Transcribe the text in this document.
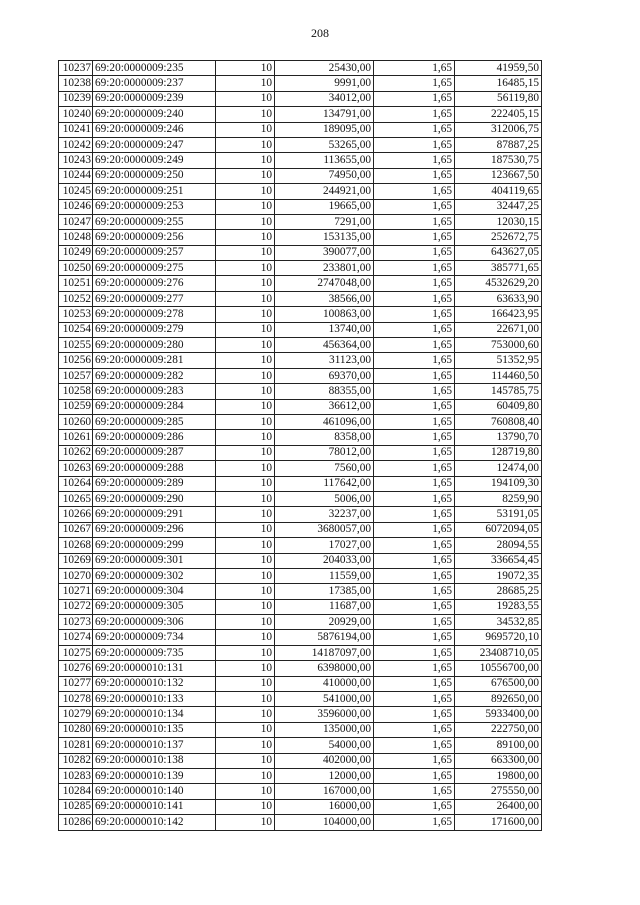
208
10237	69:20:0000009:235	10	25430,00	1,65	41959,50
10238	69:20:0000009:237	10	9991,00	1,65	16485,15
10239	69:20:0000009:239	10	34012,00	1,65	56119,80
10240	69:20:0000009:240	10	134791,00	1,65	222405,15
10241	69:20:0000009:246	10	189095,00	1,65	312006,75
10242	69:20:0000009:247	10	53265,00	1,65	87887,25
10243	69:20:0000009:249	10	113655,00	1,65	187530,75
10244	69:20:0000009:250	10	74950,00	1,65	123667,50
10245	69:20:0000009:251	10	244921,00	1,65	404119,65
10246	69:20:0000009:253	10	19665,00	1,65	32447,25
10247	69:20:0000009:255	10	7291,00	1,65	12030,15
10248	69:20:0000009:256	10	153135,00	1,65	252672,75
10249	69:20:0000009:257	10	390077,00	1,65	643627,05
10250	69:20:0000009:275	10	233801,00	1,65	385771,65
10251	69:20:0000009:276	10	2747048,00	1,65	4532629,20
10252	69:20:0000009:277	10	38566,00	1,65	63633,90
10253	69:20:0000009:278	10	100863,00	1,65	166423,95
10254	69:20:0000009:279	10	13740,00	1,65	22671,00
10255	69:20:0000009:280	10	456364,00	1,65	753000,60
10256	69:20:0000009:281	10	31123,00	1,65	51352,95
10257	69:20:0000009:282	10	69370,00	1,65	114460,50
10258	69:20:0000009:283	10	88355,00	1,65	145785,75
10259	69:20:0000009:284	10	36612,00	1,65	60409,80
10260	69:20:0000009:285	10	461096,00	1,65	760808,40
10261	69:20:0000009:286	10	8358,00	1,65	13790,70
10262	69:20:0000009:287	10	78012,00	1,65	128719,80
10263	69:20:0000009:288	10	7560,00	1,65	12474,00
10264	69:20:0000009:289	10	117642,00	1,65	194109,30
10265	69:20:0000009:290	10	5006,00	1,65	8259,90
10266	69:20:0000009:291	10	32237,00	1,65	53191,05
10267	69:20:0000009:296	10	3680057,00	1,65	6072094,05
10268	69:20:0000009:299	10	17027,00	1,65	28094,55
10269	69:20:0000009:301	10	204033,00	1,65	336654,45
10270	69:20:0000009:302	10	11559,00	1,65	19072,35
10271	69:20:0000009:304	10	17385,00	1,65	28685,25
10272	69:20:0000009:305	10	11687,00	1,65	19283,55
10273	69:20:0000009:306	10	20929,00	1,65	34532,85
10274	69:20:0000009:734	10	5876194,00	1,65	9695720,10
10275	69:20:0000009:735	10	14187097,00	1,65	23408710,05
10276	69:20:0000010:131	10	6398000,00	1,65	10556700,00
10277	69:20:0000010:132	10	410000,00	1,65	676500,00
10278	69:20:0000010:133	10	541000,00	1,65	892650,00
10279	69:20:0000010:134	10	3596000,00	1,65	5933400,00
10280	69:20:0000010:135	10	135000,00	1,65	222750,00
10281	69:20:0000010:137	10	54000,00	1,65	89100,00
10282	69:20:0000010:138	10	402000,00	1,65	663300,00
10283	69:20:0000010:139	10	12000,00	1,65	19800,00
10284	69:20:0000010:140	10	167000,00	1,65	275550,00
10285	69:20:0000010:141	10	16000,00	1,65	26400,00
10286	69:20:0000010:142	10	104000,00	1,65	171600,00
